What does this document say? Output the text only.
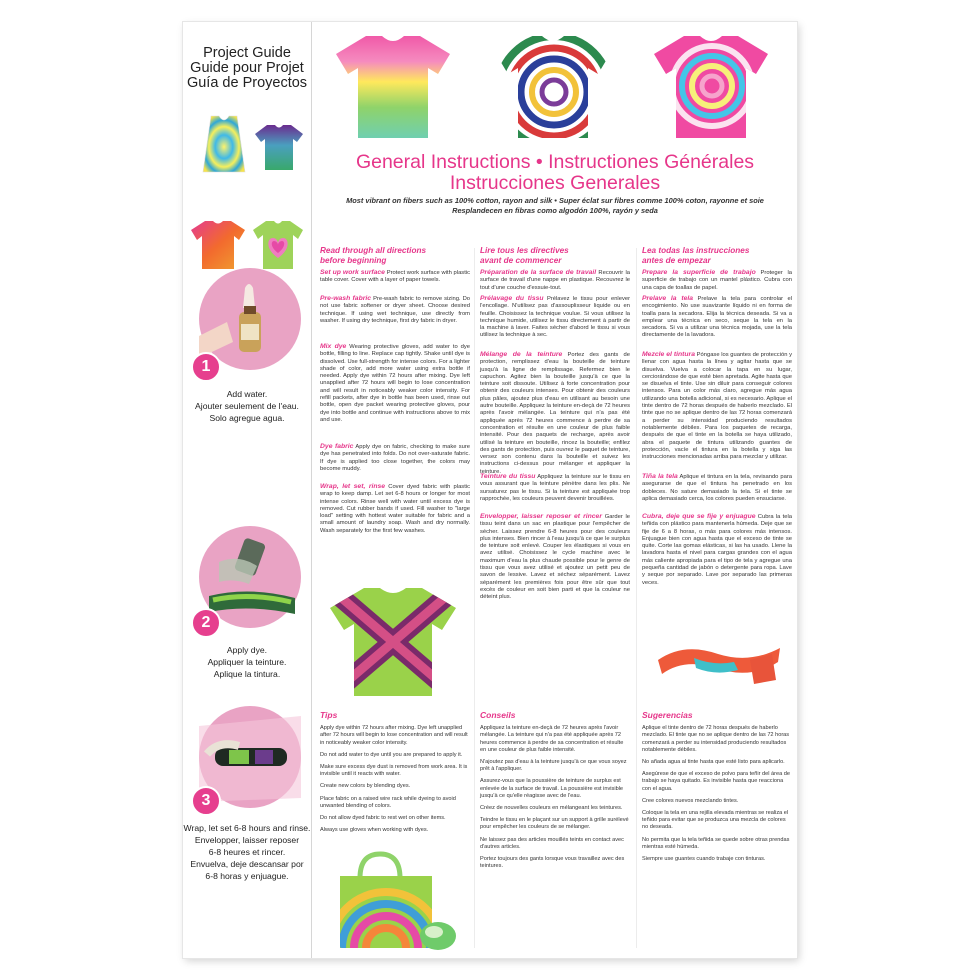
Project Guide
Guide pour Projet
Guía de Proyectos
1
Add water.
Ajouter seulement de l'eau.
Solo agregue agua.
2
Apply dye.
Appliquer la teinture.
Aplique la tintura.
3
Wrap, let set 6-8 hours and rinse.
Envelopper, laisser reposer
6-8 heures et rincer.
Envuelva, deje descansar por
6-8 horas y enjuague.
General Instructions • Instructiones Générales
Instrucciones Generales
Most vibrant on fibers such as 100% cotton, rayon and silk • Super éclat sur fibres comme 100% coton, rayonne et soie
Resplandecen en fibras como algodón 100%, rayón y seda
Read through all directions
before beginning
Set up work surface Protect work surface with plastic table cover. Cover with a layer of paper towels.
Pre-wash fabric Pre-wash fabric to remove sizing. Do not use fabric softener or dryer sheet. Choose desired technique. If using wet technique, use directly from washer. If using dry technique, first dry fabric in dryer.
Mix dye Wearing protective gloves, add water to dye bottle, filling to line. Replace cap tightly. Shake until dye is dissolved. Use full-strength for intense colors. For a lighter shade of color, add more water using extra bottle if needed. Apply dye within 72 hours after mixing. Dye left unapplied after 72 hours will begin to lose concentration and will result in noticeably weaker color intensity. For refill packets, after dye in bottle has been used, rinse out bottle, open dye packet wearing protective gloves, pour dye into bottle and continue with instructions above to mix and use.
Dye fabric Apply dye on fabric, checking to make sure dye has penetrated into folds. Do not over-saturate fabric. If dye is applied too close together, the colors may become muddy.
Wrap, let set, rinse Cover dyed fabric with plastic wrap to keep damp. Let set 6-8 hours or longer for most intense colors. Rinse well with water until excess dye is removed. Cut rubber bands if used. Fill washer to "large load" setting with hottest water suitable for fabric and a small amount of laundry soap. Wash and dry normally. Wash separately for the first few washes.
Lire tous les directives
avant de commencer
Préparation de la surface de travail Recouvrir la surface de travail d'une nappe en plastique. Recouvrez le tout d'une couche d'essuie-tout.
Prélavage du tissu Prélavez le tissu pour enlever l'encollage. N'utilisez pas d'assouplisseur liquide ou en feuille. Choisissez la technique voulue. Si vous utilisez la technique humide, utilisez le tissu directement à partir de la machine à laver. Faites sécher d'abord le tissu si vous utilisez la technique à sec.
Mélange de la teinture Portez des gants de protection, remplissez d'eau la bouteille de teinture jusqu'à la ligne de remplissage. Refermez bien le capuchon. Agitez bien la bouteille jusqu'à ce que la teinture soit dissoute. Utilisez à forte concentration pour obtenir des couleurs intenses. Pour obtenir des couleurs plus pâles, ajoutez plus d'eau en utilisant au besoin une autre bouteille. Appliquez la teinture en-deçà de 72 heures après l'avoir mélangée. La teinture qui n'a pas été appliquée après 72 heures commence à perdre de sa concentration et résulte en une couleur de plus faible intensité. Pour des paquets de recharge, après avoir utilisé la teinture en bouteille, rincez la bouteille; enfilez des gants de protection, puis ouvrez le paquet de teinture, versez son contenu dans la bouteille et suivez les instructions ci-dessus pour mélanger et appliquer la teinture.
Teinture du tissu Appliquez la teinture sur le tissu en vous assurant que la teinture pénètre dans les plis. Ne sursaturez pas le tissu. Si la teinture est appliquée trop rapprochée, les couleurs peuvent devenir brouillées.
Envelopper, laisser reposer et rincer Garder le tissu teint dans un sac en plastique pour l'empêcher de sécher. Laissez prendre 6-8 heures pour des couleurs plus intenses. Bien rincer à l'eau jusqu'à ce que le surplus de teinture soit enlevé. Couper les élastiques si vous en avez utilisé. Choisissez le cycle machine avec le maximum d'eau la plus chaude possible pour le genre de tissu que vous avez utilisé et ajoutez un petit peu de savon de lessive. Lavez et séchez séparément. Lavez séparément les premières fois pour être sûr que tout excès de couleur en soit bien parti et que la couleur ne déteint plus.
Lea todas las instrucciones
antes de empezar
Prepare la superficie de trabajo Proteger la superficie de trabajo con un mantel plástico. Cubra con una capa de toallas de papel.
Prelave la tela Prelave la tela para controlar el encogimiento. No use suavizante líquido ni en forma de toalla para la secadora. Elija la técnica deseada. Si va a emplear una técnica en seco, seque la tela en la secadora. Si va a utilizar una técnica mojada, use la tela directamente de la lavadora.
Mezcle el tintura Póngase los guantes de protección y llenar con agua hasta la línea y agitar hasta que se disuelva. Vuelva a colocar la tapa en su lugar, cerciorándose de que esté bien apretada. Agite hasta que se disuelva el tinte. Use sin diluir para conseguir colores intensos. Para un color más claro, agregue más agua utilizando una botella adicional, si es necesario. Aplique el tinte dentro de 72 horas después de haberlo mezclado. El tinte que no se aplique dentro de las 72 horas comenzará a perder su intensidad produciendo resultados notablemente débiles. Para los paquetes de recarga, después de que el tinte en la botella se haya utilizado, abra el paquete de tintura utilizando guantes de protección, vacíe el tintura en la botella y siga las instrucciones mencionadas arriba para mezclar y utilizar.
Tiña la tela Aplique el tintura en la tela, revisando para asegurarse de que el tintura ha penetrado en los dobleces. No sature demasiado la tela. Si el tinte se aplica demasiado cerca, los colores pueden ensuciarse.
Cubra, deje que se fije y enjuague Cubra la tela teñida con plástico para mantenerla húmeda. Deje que se fije de 6 a 8 horas, o más para colores más intensos. Enjuague bien con agua hasta que el exceso de tinte se quite. Corte las gomas elásticas, si las ha usado. Llene la lavadora hasta el nivel para cargas grandes con el agua más caliente apropiada para el tipo de tela y agregue una pequeña cantidad de jabón o detergente para ropa. Lave y seque por separado. Lave por separado las primeras veces.
Tips

Apply dye within 72 hours after mixing. Dye left unapplied after 72 hours will begin to lose concentration and will result in noticeably weaker color intensity.

Do not add water to dye until you are prepared to apply it.

Make sure excess dye dust is removed from work area. It is invisible until it reacts with water.

Create new colors by blending dyes.

Place fabric on a raised wire rack while dyeing to avoid unwanted blending of colors.

Do not allow dyed fabric to rest wet on other items.

Always use gloves when working with dyes.

Conseils

Appliquez la teinture en-deçà de 72 heures après l'avoir mélangée. La teinture qui n'a pas été appliquée après 72 heures commence à perdre de sa concentration et résulte en une couleur de plus faible intensité.

N'ajoutez pas d'eau à la teinture jusqu'à ce que vous soyez prêt à l'appliquer.

Assurez-vous que la poussière de teinture de surplus est enlevée de la surface de travail. La poussière est invisible jusqu'à ce qu'elle réagisse avec de l'eau.

Créez de nouvelles couleurs en mélangeant les teintures.

Teindre le tissu en le plaçant sur un support à grille surélevé pour empêcher les couleurs de se mélanger.

Ne laissez pas des articles mouillés teints en contact avec d'autres articles.

Portez toujours des gants lorsque vous travaillez avec des teintures.

Sugerencias

Aplique el tinte dentro de 72 horas después de haberlo mezclado. El tinte que no se aplique dentro de las 72 horas comenzará a perder su intensidad produciendo resultados notablemente débiles.

No añada agua al tinte hasta que esté listo para aplicarlo.

Asegúrese de que el exceso de polvo para teñir del área de trabajo se haya quitado. Es invisible hasta que reacciona con el agua.

Cree colores nuevos mezclando tintes.

Coloque la tela en una rejilla elevada mientras se realiza el teñido para evitar que se produzca una mezcla de colores no deseada.

No permita que la tela teñida se quede sobre otras prendas mientras esté húmeda.

Siempre use guantes cuando trabaje con tinturas.
